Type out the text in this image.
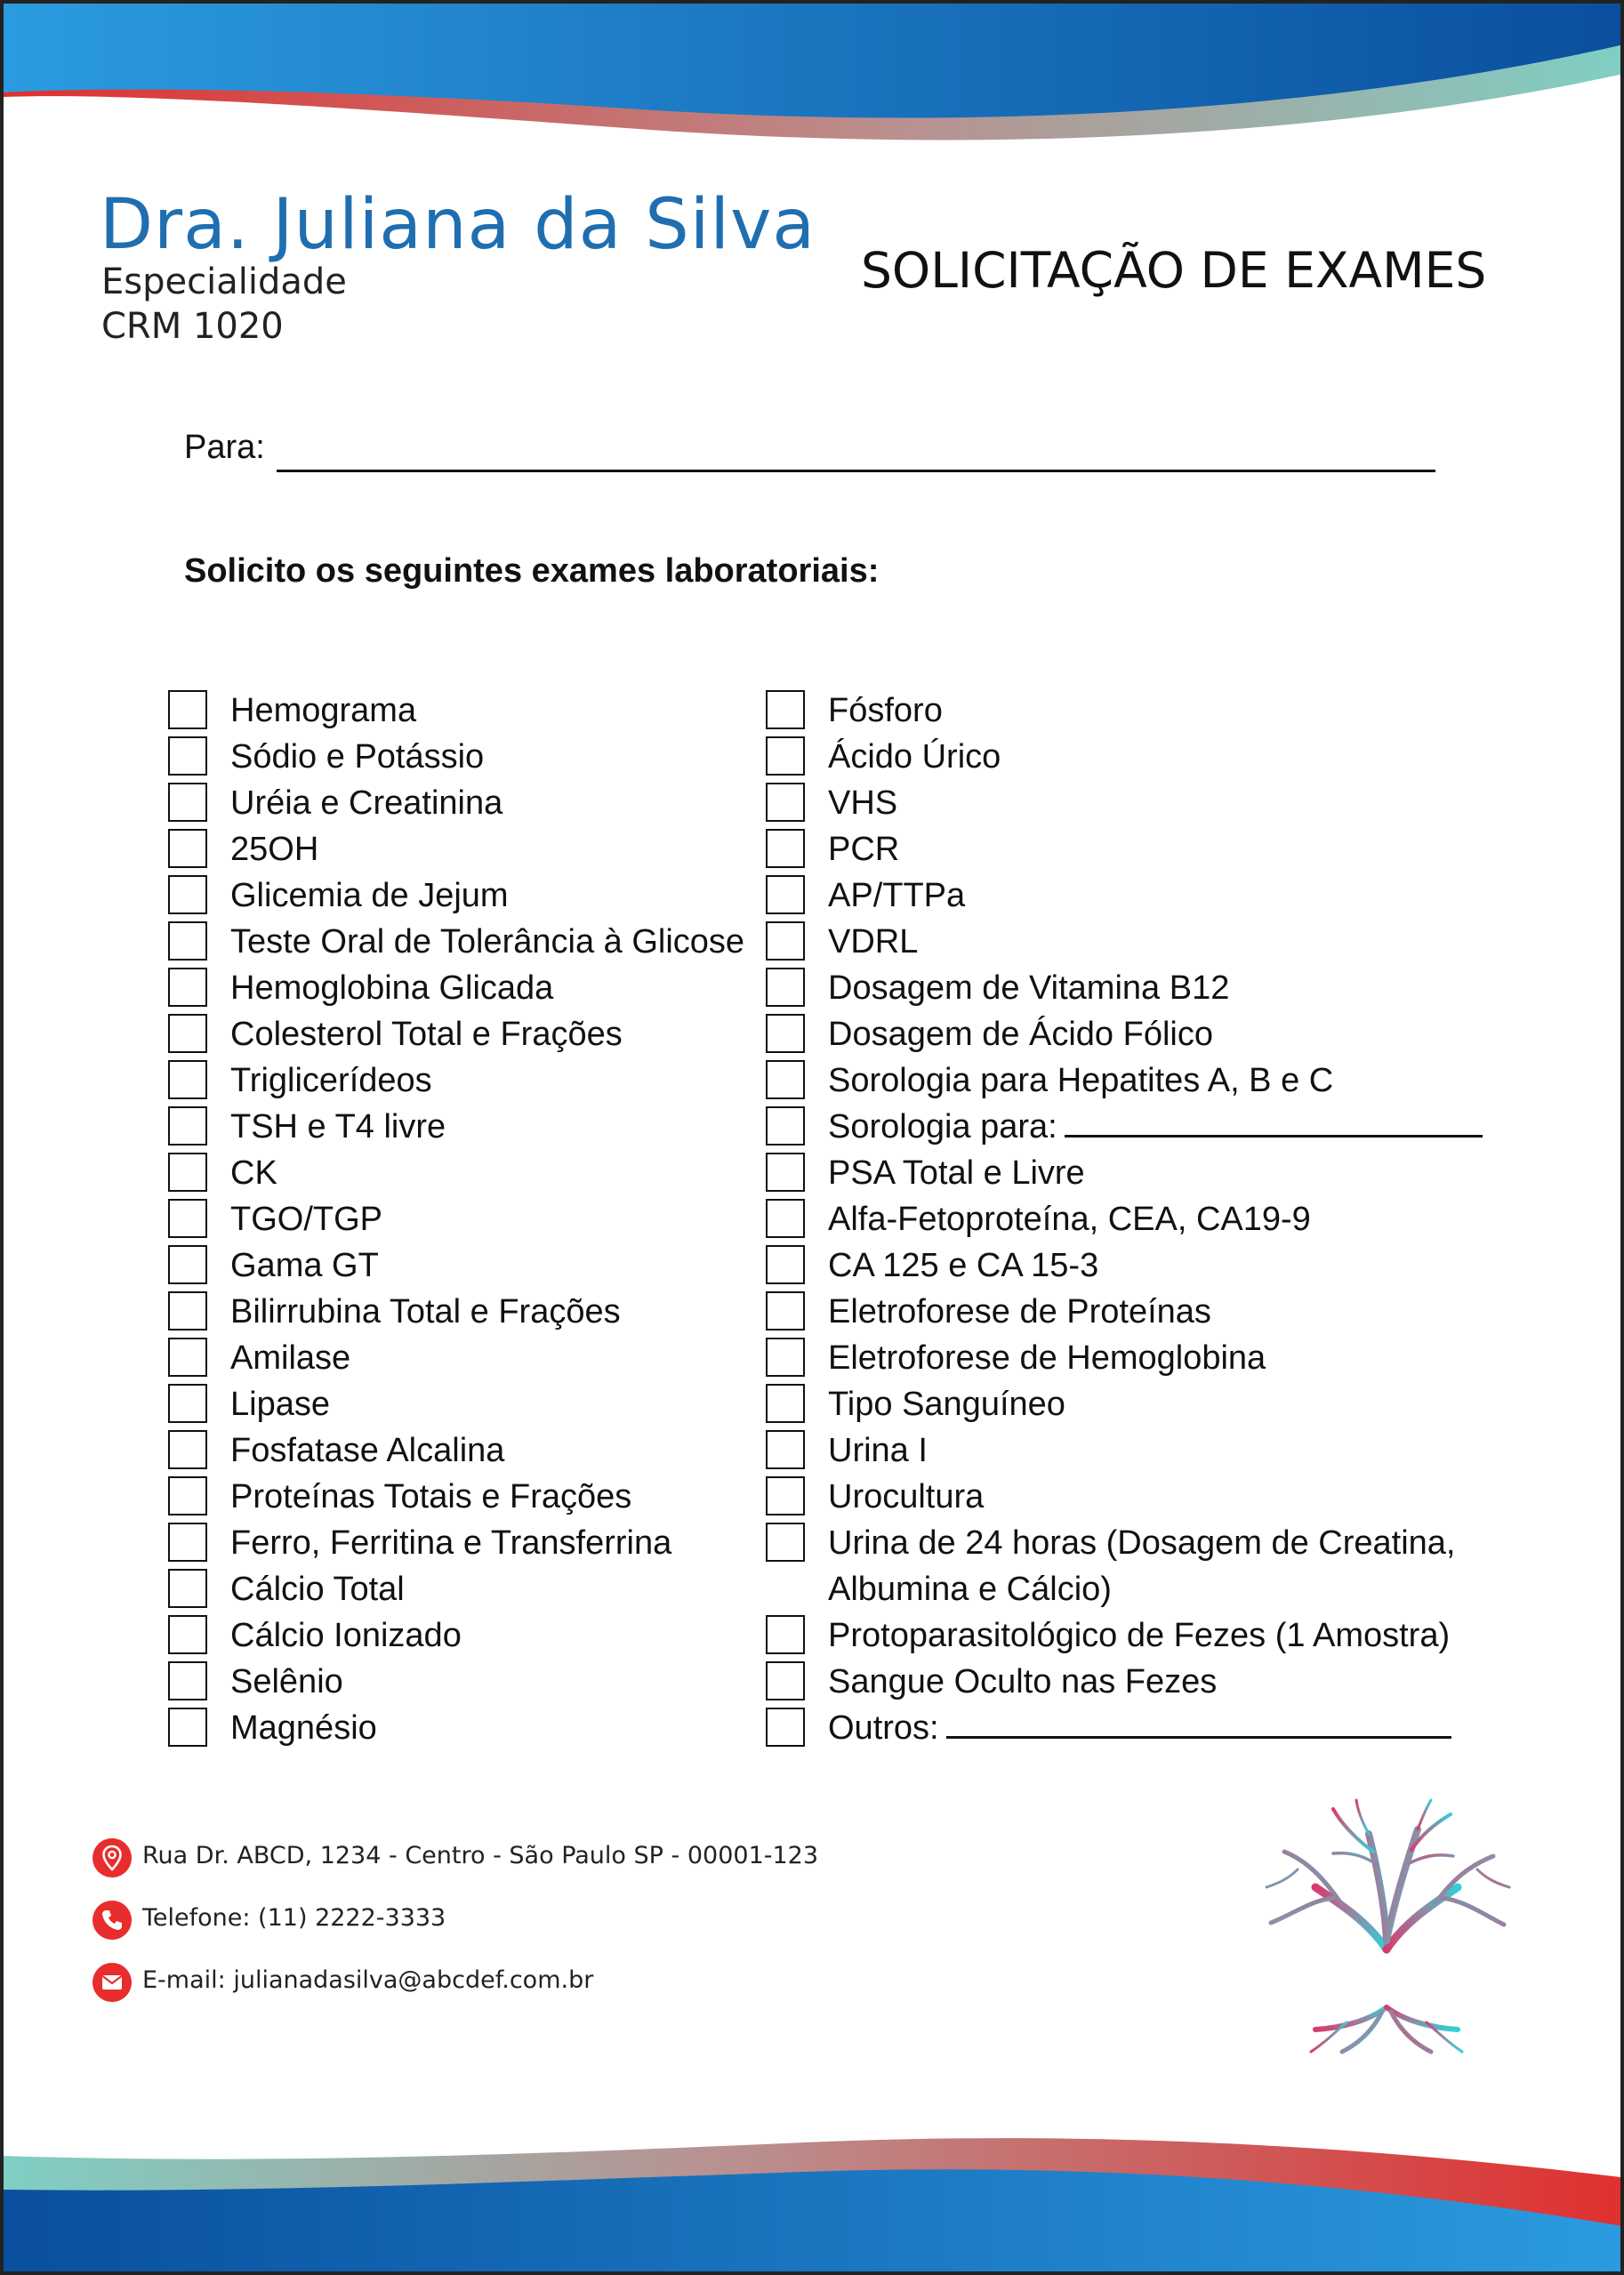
Dra. Juliana da Silva
Especialidade
CRM 1020
SOLICITAÇÃO DE EXAMES
Para:
Solicito os seguintes exames laboratoriais:
Hemograma
Sódio e Potássio
Uréia e Creatinina
25OH
Glicemia de Jejum
Teste Oral de Tolerância à Glicose
Hemoglobina Glicada
Colesterol Total e Frações
Triglicerídeos
TSH e T4 livre
CK
TGO/TGP
Gama GT
Bilirrubina Total e Frações
Amilase
Lipase
Fosfatase Alcalina
Proteínas Totais e Frações
Ferro, Ferritina e Transferrina
Cálcio Total
Cálcio Ionizado
Selênio
Magnésio
Fósforo
Ácido Úrico
VHS
PCR
AP/TTPa
VDRL
Dosagem de Vitamina B12
Dosagem de Ácido Fólico
Sorologia para Hepatites A, B e C
Sorologia para:
PSA Total e Livre
Alfa-Fetoproteína, CEA, CA19-9
CA 125 e CA 15-3
Eletroforese de Proteínas
Eletroforese de Hemoglobina
Tipo Sanguíneo
Urina I
Urocultura
Urina de 24 horas (Dosagem de Creatina, Albumina e Cálcio)
Protoparasitológico de Fezes (1 Amostra)
Sangue Oculto nas Fezes
Outros:
Rua Dr. ABCD, 1234 - Centro - São Paulo SP - 00001-123
Telefone: (11) 2222-3333
E-mail: julianadasilva@abcdef.com.br
